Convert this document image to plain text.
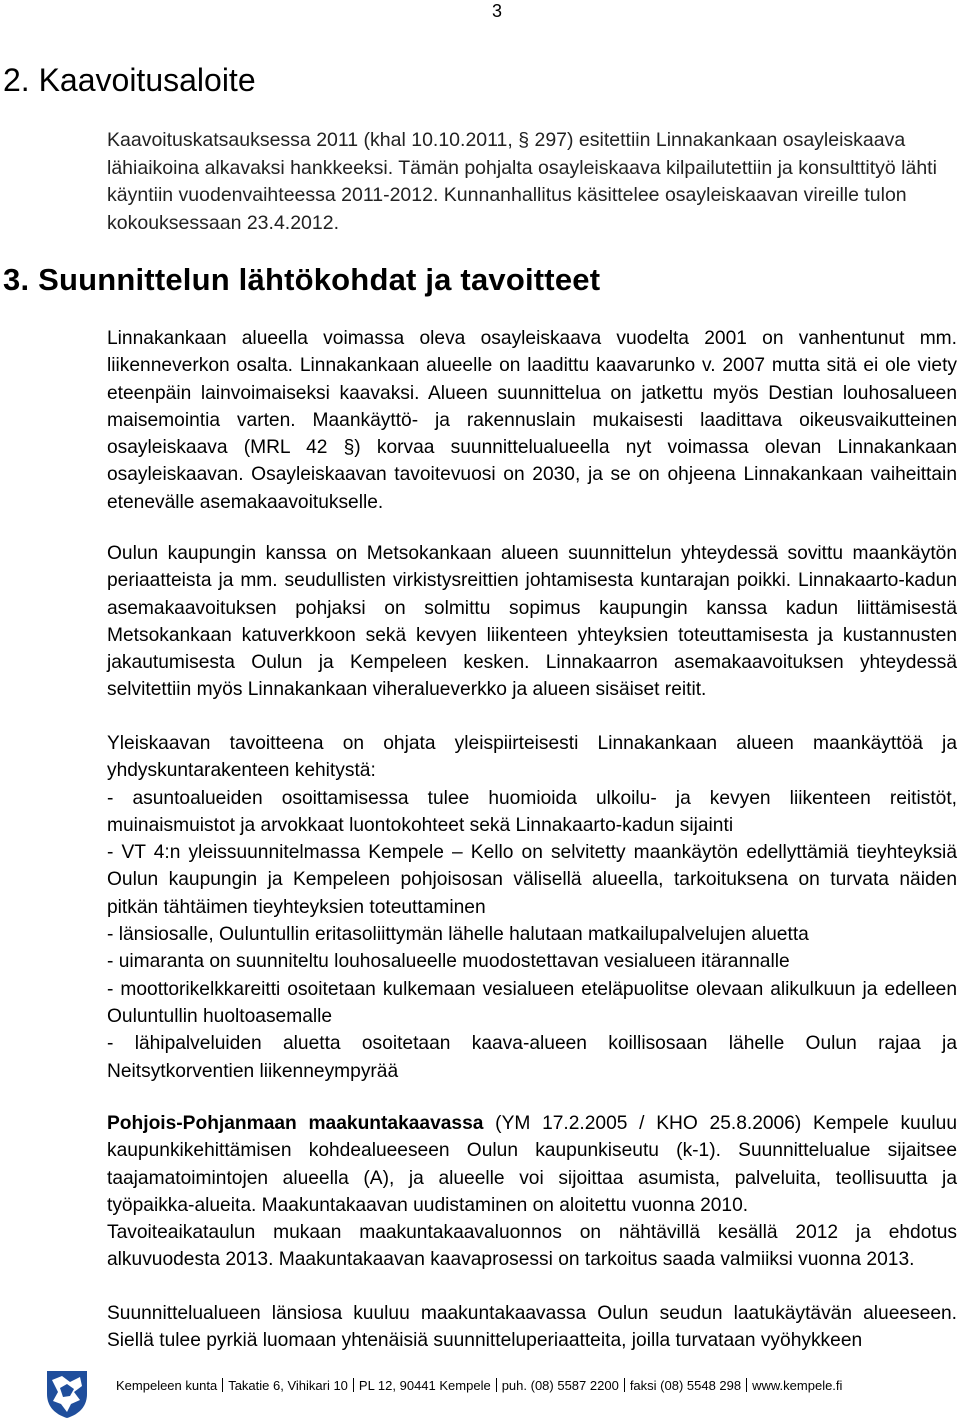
3
2. Kaavoitusaloite
Kaavoituskatsauksessa 2011 (khal 10.10.2011, § 297) esitettiin Linnakankaan osayleiskaava lähiaikoina alkavaksi hankkeeksi. Tämän pohjalta osayleiskaava kilpailutettiin ja konsulttityö lähti käyntiin vuodenvaihteessa 2011-2012. Kunnanhallitus käsittelee osayleiskaavan vireille tulon kokouksessaan 23.4.2012.
3. Suunnittelun lähtökohdat ja tavoitteet

Linnakankaan alueella voimassa oleva osayleiskaava vuodelta 2001 on vanhentunut mm. liikenneverkon osalta. Linnakankaan alueelle on laadittu kaavarunko v. 2007 mutta sitä ei ole viety eteenpäin lainvoimaiseksi kaavaksi. Alueen suunnittelua on jatkettu myös Destian louhosalueen maisemointia varten. Maankäyttö- ja rakennuslain mukaisesti laadittava oikeusvaikutteinen osayleiskaava (MRL 42 §) korvaa suunnittelualueella nyt voimassa olevan Linnakankaan osayleiskaavan. Osayleiskaavan tavoitevuosi on 2030, ja se on ohjeena Linnakankaan vaiheittain etenevälle asemakaavoitukselle.

Oulun kaupungin kanssa on Metsokankaan alueen suunnittelun yhteydessä sovittu maankäytön periaatteista ja mm. seudullisten virkistysreittien johtamisesta kuntarajan poikki. Linnakaarto-kadun asemakaavoituksen pohjaksi on solmittu sopimus kaupungin kanssa kadun liittämisestä Metsokankaan katuverkkoon sekä kevyen liikenteen yhteyksien toteuttamisesta ja kustannusten jakautumisesta Oulun ja Kempeleen kesken. Linnakaarron asemakaavoituksen yhteydessä selvitettiin myös Linnakankaan viheralueverkko ja alueen sisäiset reitit.

Yleiskaavan tavoitteena on ohjata yleispiirteisesti Linnakankaan alueen maankäyttöä ja yhdyskuntarakenteen kehitystä:

- asuntoalueiden osoittamisessa tulee huomioida ulkoilu- ja kevyen liikenteen reitistöt, muinaismuistot ja arvokkaat luontokohteet sekä Linnakaarto-kadun sijainti
- VT 4:n yleissuunnitelmassa Kempele – Kello on selvitetty maankäytön edellyttämiä tieyhteyksiä Oulun kaupungin ja Kempeleen pohjoisosan välisellä alueella, tarkoituksena on turvata näiden pitkän tähtäimen tieyhteyksien toteuttaminen
- länsiosalle, Ouluntullin eritasoliittymän lähelle halutaan matkailupalvelujen aluetta
- uimaranta on suunniteltu louhosalueelle muodostettavan vesialueen itärannalle
- moottorikelkkareitti osoitetaan kulkemaan vesialueen eteläpuolitse olevaan alikulkuun ja edelleen Ouluntullin huoltoasemalle
- lähipalveluiden aluetta osoitetaan kaava-alueen koillisosaan lähelle Oulun rajaa ja Neitsytkorventien liikenneympyrää

Pohjois-Pohjanmaan maakuntakaavassa (YM 17.2.2005 / KHO 25.8.2006) Kempele kuuluu kaupunkikehittämisen kohdealueeseen Oulun kaupunkiseutu (k-1). Suunnittelualue sijaitsee taajamatoimintojen alueella (A), ja alueelle voi sijoittaa asumista, palveluita, teollisuutta ja työpaikka-alueita. Maakuntakaavan uudistaminen on aloitettu vuonna 2010.

Tavoiteaikataulun mukaan maakuntakaavaluonnos on nähtävillä kesällä 2012 ja ehdotus alkuvuodesta 2013. Maakuntakaavan kaavaprosessi on tarkoitus saada valmiiksi vuonna 2013.

Suunnittelualueen länsiosa kuuluu maakuntakaavassa Oulun seudun laatukäytävän alueeseen. Siellä tulee pyrkiä luomaan yhtenäisiä suunnitteluperiaatteita, joilla turvataan vyöhykkeen

Kempeleen kunta Takatie 6, Vihikari 10 PL 12, 90441 Kempele puh. (08) 5587 2200 faksi (08) 5548 298 www.kempele.fi
